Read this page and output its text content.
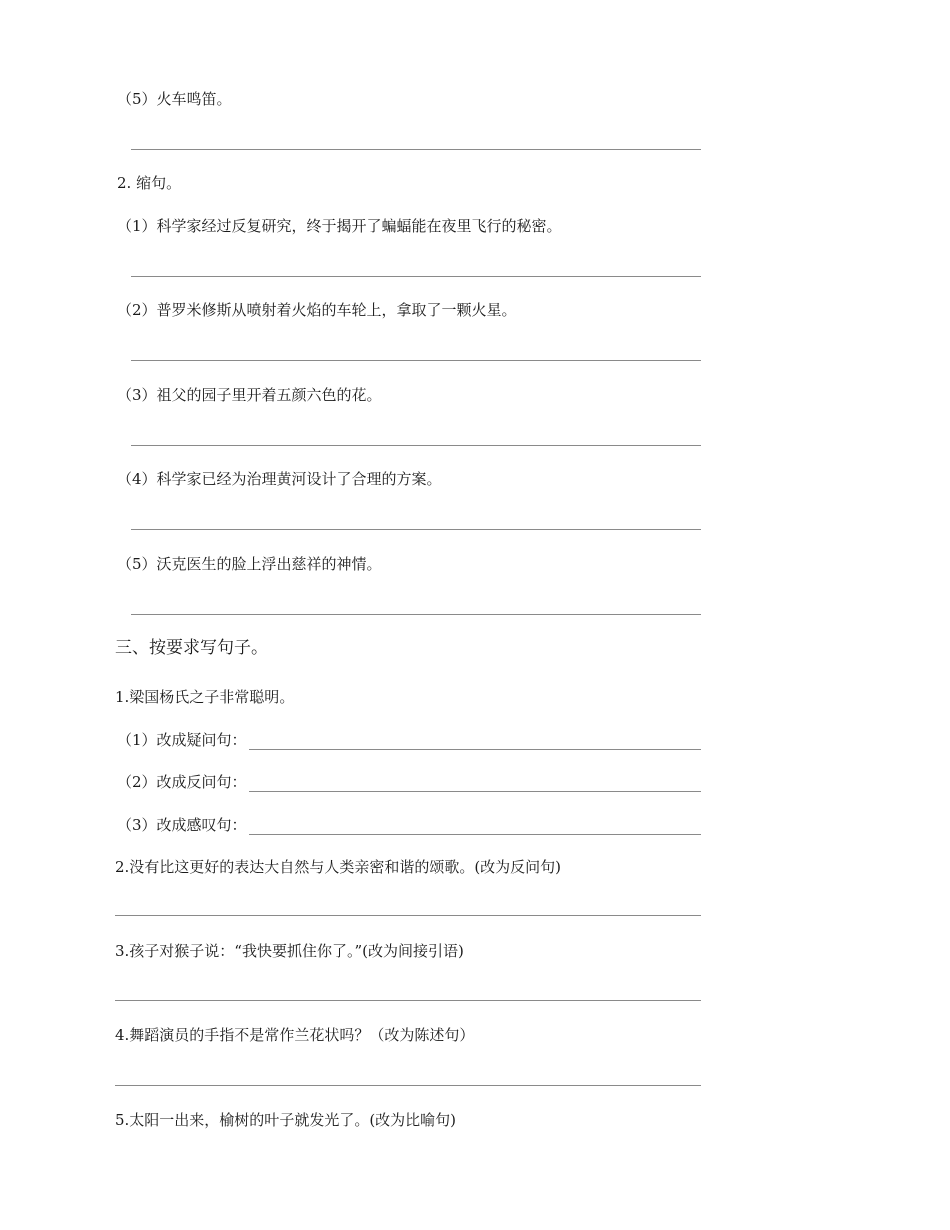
（5）火车鸣笛。
2. 缩句。
（1）科学家经过反复研究，终于揭开了蝙蝠能在夜里飞行的秘密。
（2）普罗米修斯从喷射着火焰的车轮上，拿取了一颗火星。
（3）祖父的园子里开着五颜六色的花。
（4）科学家已经为治理黄河设计了合理的方案。
（5）沃克医生的脸上浮出慈祥的神情。
三、按要求写句子。
1.梁国杨氏之子非常聪明。
（1）改成疑问句：
（2）改成反问句：
（3）改成感叹句：
2.没有比这更好的表达大自然与人类亲密和谐的颂歌。(改为反问句)
3.孩子对猴子说：“我快要抓住你了。”(改为间接引语)
4.舞蹈演员的手指不是常作兰花状吗？（改为陈述句）
5.太阳一出来，榆树的叶子就发光了。(改为比喻句)
